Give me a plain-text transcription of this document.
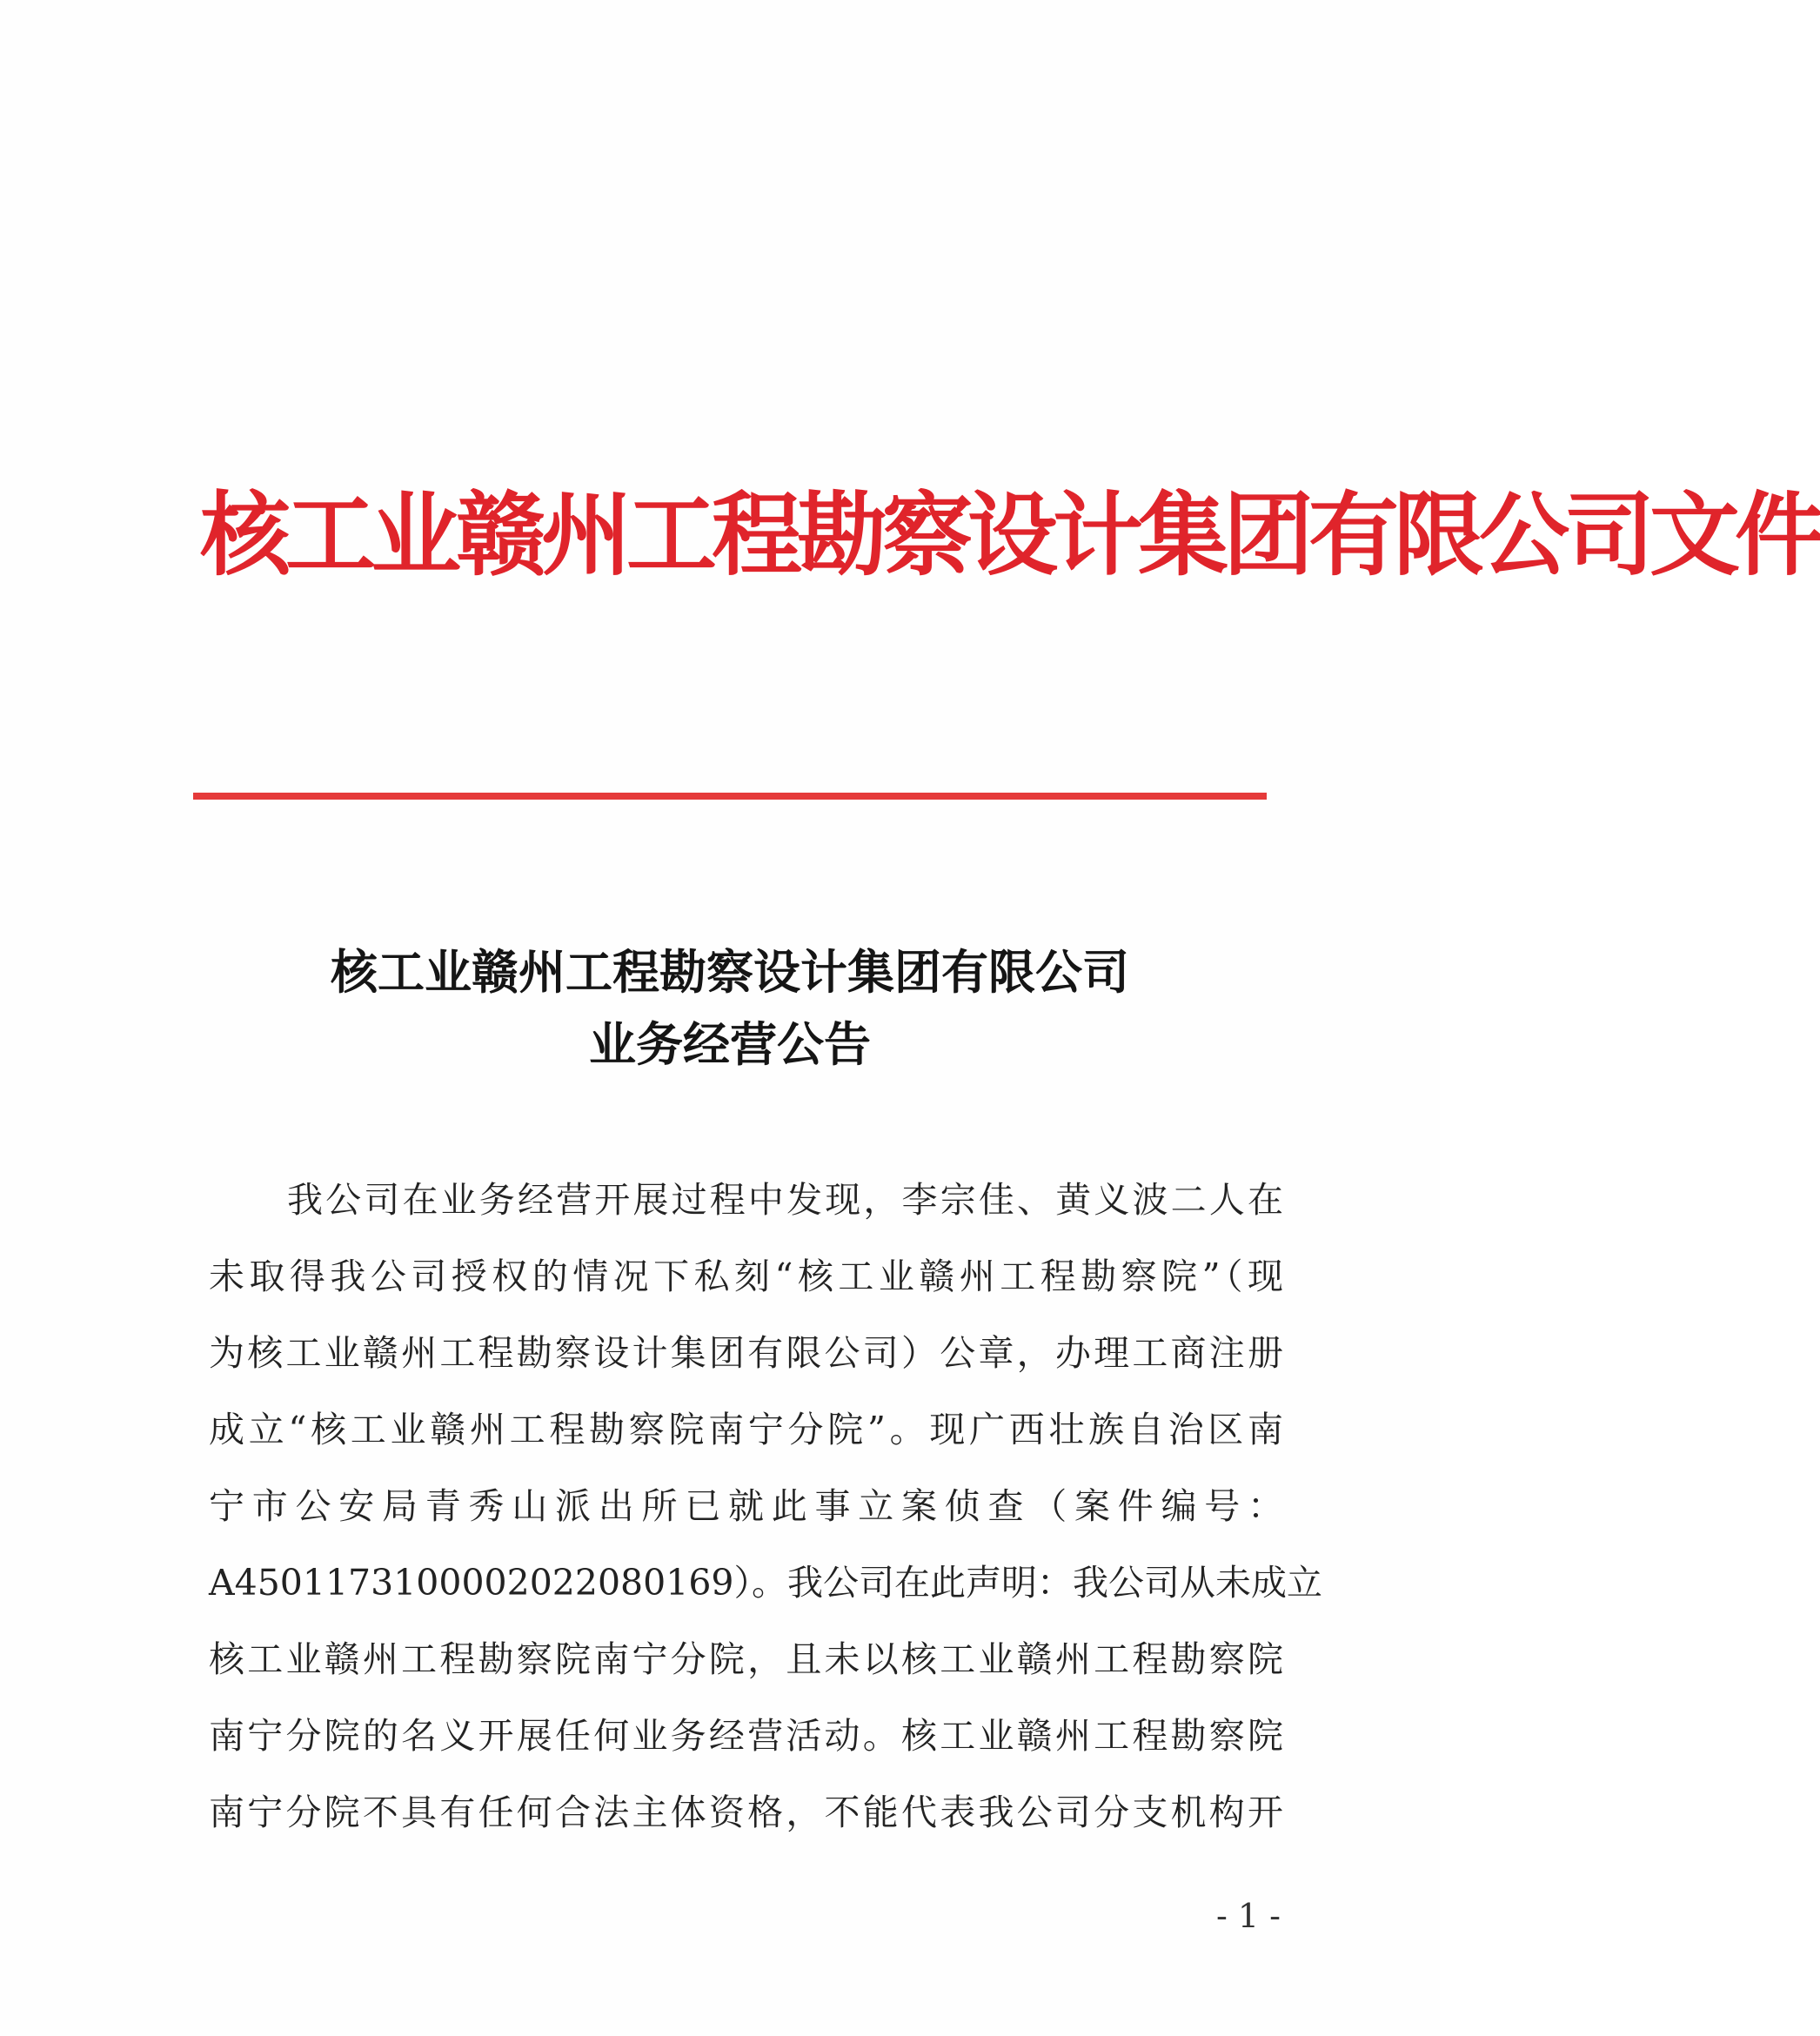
核工业赣州工程勘察设计集团有限公司文件
核工业赣州工程勘察设计集团有限公司
业务经营公告
我公司在业务经营开展过程中发现，李宗佳、黄义波二人在
未取得我公司授权的情况下私刻“核工业赣州工程勘察院”（现
为核工业赣州工程勘察设计集团有限公司）公章，办理工商注册
成立“核工业赣州工程勘察院南宁分院”。现广西壮族自治区南
宁市公安局青秀山派出所已就此事立案侦查（案件编号：
A4501173100002022080169）。我公司在此声明：我公司从未成立
核工业赣州工程勘察院南宁分院，且未以核工业赣州工程勘察院
南宁分院的名义开展任何业务经营活动。核工业赣州工程勘察院
南宁分院不具有任何合法主体资格，不能代表我公司分支机构开
- 1 -
